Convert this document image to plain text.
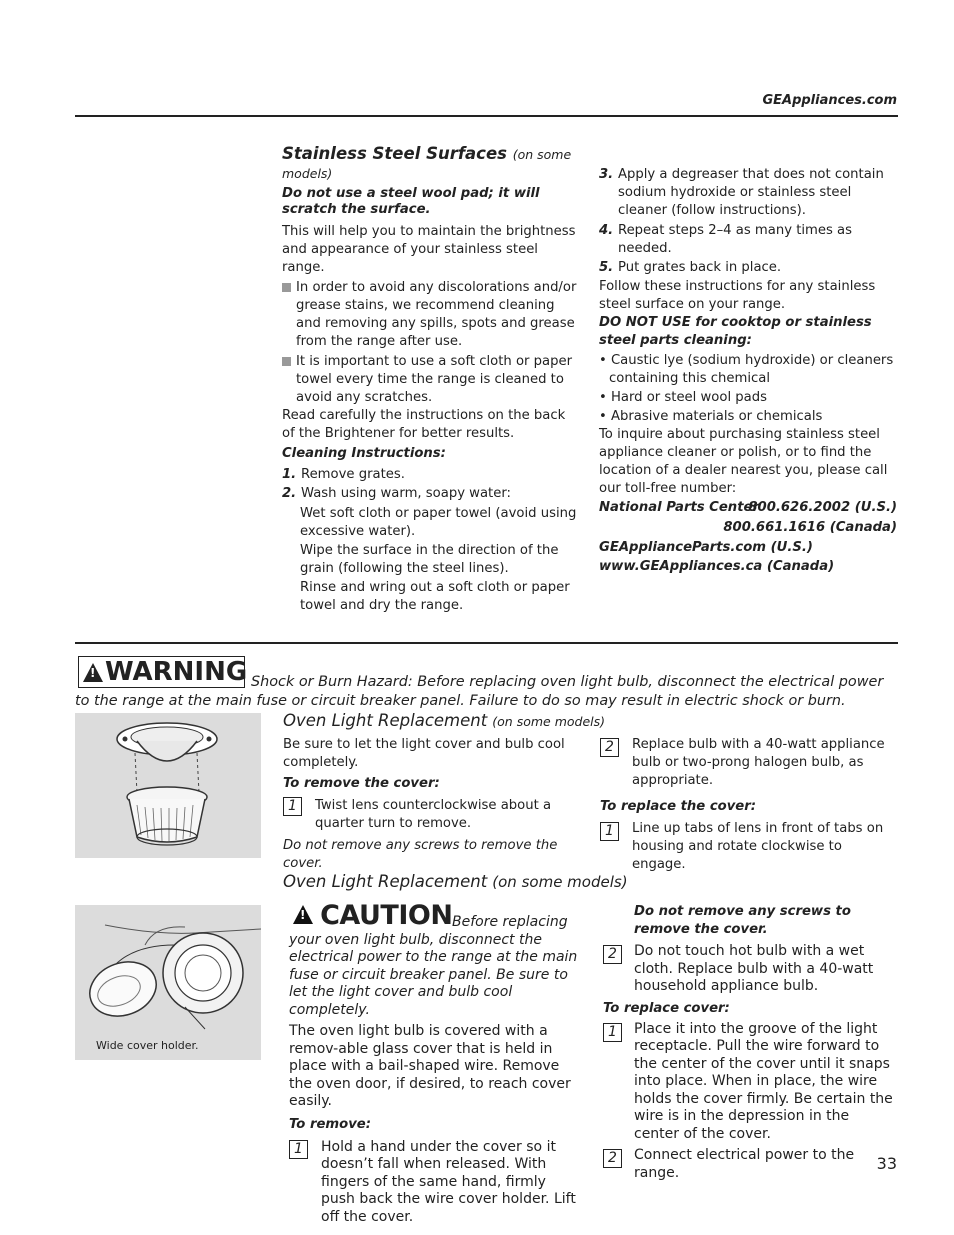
GEAppliances.com
Stainless Steel Surfaces (on some models)
Do not use a steel wool pad; it will scratch the surface.
This will help you to maintain the brightness and appearance of your stainless steel range.
In order to avoid any discolorations and/or grease stains, we recommend cleaning and removing any spills, spots and grease from the range after use.
It is important to use a soft cloth or paper towel every time the range is cleaned to avoid any scratches.
Read carefully the instructions on the back of the Brightener for better results.
Cleaning Instructions:
1. Remove grates.
2. Wash using warm, soapy water:
Wet soft cloth or paper towel (avoid using excessive water).
Wipe the surface in the direction of the grain (following the steel lines).
Rinse and wring out a soft cloth or paper towel and dry the range.
3. Apply a degreaser that does not contain sodium hydroxide or stainless steel cleaner (follow instructions).
4. Repeat steps 2–4 as many times as needed.
5. Put grates back in place.
Follow these instructions for any stainless steel surface on your range.
DO NOT USE for cooktop or stainless steel parts cleaning:
• Caustic lye (sodium hydroxide) or cleaners containing this chemical
• Hard or steel wool pads
• Abrasive materials or chemicals
To inquire about purchasing stainless steel appliance cleaner or polish, or to find the location of a dealer nearest you, please call our toll-free number:
National Parts Center
800.626.2002 (U.S.)
800.661.1616 (Canada)
GEApplianceParts.com (U.S.)
www.GEAppliances.ca (Canada)
! WARNING Shock or Burn Hazard: Before replacing oven light bulb, disconnect the electrical power to the range at the main fuse or circuit breaker panel. Failure to do so may result in electric shock or burn.
Oven Light Replacement (on some models)
Be sure to let the light cover and bulb cool completely.
To remove the cover:
1	Twist lens counterclockwise about a quarter turn to remove.
Do not remove any screws to remove the cover.
2	Replace bulb with a 40-watt appliance bulb or two-prong halogen bulb, as appropriate.
To replace the cover:
1	Line up tabs of lens in front of tabs on housing and rotate clockwise to engage.
Oven Light Replacement (on some models)
Wide cover holder.
! CAUTION Before replacing your oven light bulb, disconnect the electrical power to the range at the main fuse or circuit breaker panel. Be sure to let the light cover and bulb cool completely.
The oven light bulb is covered with a remov-able glass cover that is held in place with a bail-shaped wire. Remove the oven door, if desired, to reach cover easily.
To remove:
1	Hold a hand under the cover so it doesn’t fall when released. With fingers of the same hand, firmly push back the wire cover holder. Lift off the cover.
Do not remove any screws to remove the cover.
2	Do not touch hot bulb with a wet cloth. Replace bulb with a 40-watt household appliance bulb.
To replace cover:
1	Place it into the groove of the light receptacle. Pull the wire forward to the center of the cover until it snaps into place. When in place, the wire holds the cover firmly. Be certain the wire is in the depression in the center of the cover.
2	Connect electrical power to the range.	33
